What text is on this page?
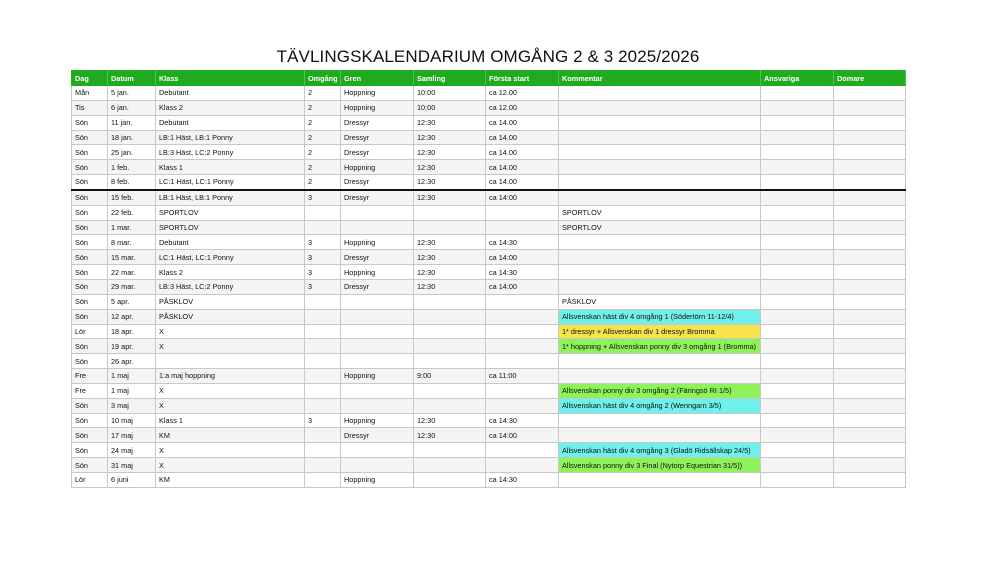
TÄVLINGSKALENDARIUM OMGÅNG 2 & 3 2025/2026
Dag	Datum	Klass	Omgång	Gren	Samling	Första start	Kommentar	Ansvariga	Domare
Mån	5 jan.	Debutant	2	Hoppning	10:00	ca 12.00			
Tis	6 jan.	Klass 2	2	Hoppning	10:00	ca 12.00			
Sön	11 jan.	Debutant	2	Dressyr	12:30	ca 14.00			
Sön	18 jan.	LB:1 Häst, LB:1 Ponny	2	Dressyr	12:30	ca 14.00			
Sön	25 jan.	LB:3 Häst, LC:2 Ponny	2	Dressyr	12:30	ca 14.00			
Sön	1 feb.	Klass 1	2	Hoppning	12:30	ca 14.00			
Sön	8 feb.	LC:1 Häst, LC:1 Ponny	2	Dressyr	12:30	ca 14.00			
Sön	15 feb.	LB:1 Häst, LB:1 Ponny	3	Dressyr	12:30	ca 14:00			
Sön	22 feb.	SPORTLOV					SPORTLOV		
Sön	1 mar.	SPORTLOV					SPORTLOV		
Sön	8 mar.	Debutant	3	Hoppning	12:30	ca 14:30			
Sön	15 mar.	LC:1 Häst, LC:1 Ponny	3	Dressyr	12:30	ca 14:00			
Sön	22 mar.	Klass 2	3	Hoppning	12:30	ca 14:30			
Sön	29 mar.	LB:3 Häst, LC:2 Ponny	3	Dressyr	12:30	ca 14:00			
Sön	5 apr.	PÅSKLOV					PÅSKLOV		
Sön	12 apr.	PÅSKLOV					Allsvenskan häst div 4 omgång 1 (Södertörn 11-12/4)		
Lör	18 apr.	X					1* dressyr + Allsvenskan div 1 dressyr Bromma		
Sön	19 apr.	X					1* hoppning + Allsvenskan ponny div 3 omgång 1 (Bromma)		
Sön	26 apr.								
Fre	1 maj	1:a maj hoppning		Hoppning	9:00	ca 11:00			
Fre	1 maj	X					Allsvenskan ponny div 3 omgång 2 (Färingsö RI 1/5)		
Sön	3 maj	X					Allsvenskan häst div 4 omgång 2 (Wenngarn 3/5)		
Sön	10 maj	Klass 1	3	Hoppning	12:30	ca 14:30			
Sön	17 maj	KM		Dressyr	12:30	ca 14:00			
Sön	24 maj	X					Allsvenskan häst div 4 omgång 3 (Gladö Ridsällskap 24/5)		
Sön	31 maj	X					Allsvenskan ponny div 3 Final (Nytorp Equestrian 31/5))		
Lör	6 juni	KM		Hoppning		ca 14:30			
